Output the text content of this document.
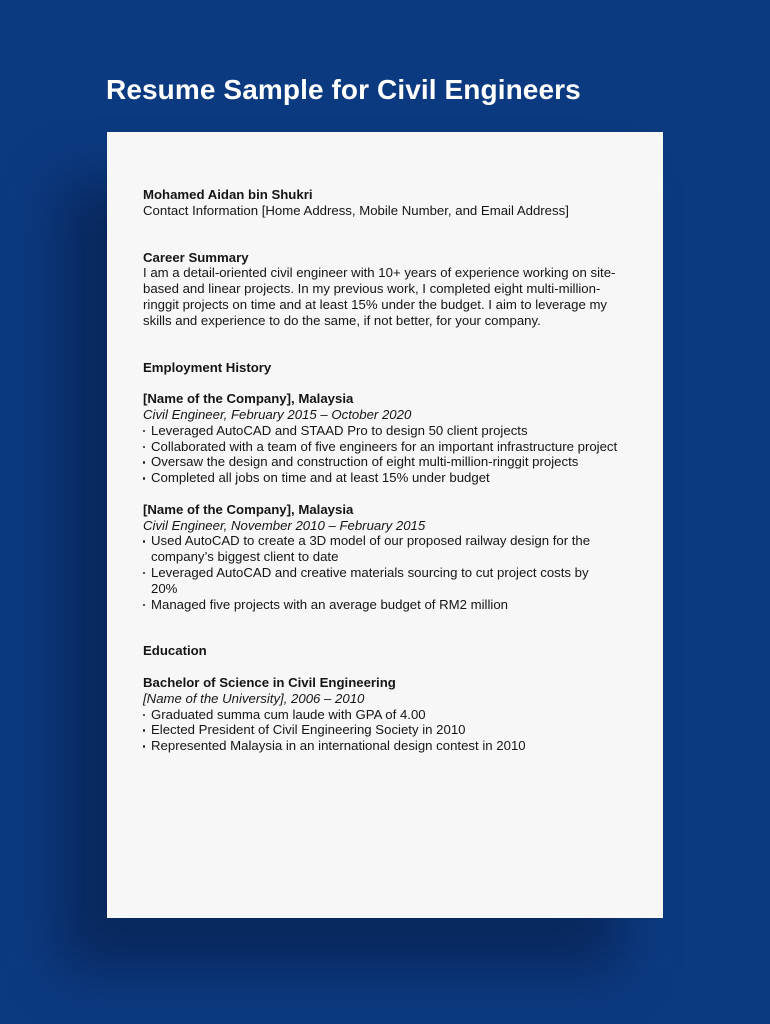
Resume Sample for Civil Engineers
Mohamed Aidan bin Shukri
Contact Information [Home Address, Mobile Number, and Email Address]
Career Summary
I am a detail-oriented civil engineer with 10+ years of experience working on site-based and linear projects. In my previous work, I completed eight multi-million-ringgit projects on time and at least 15% under the budget. I aim to leverage my skills and experience to do the same, if not better, for your company.
Employment History
[Name of the Company], Malaysia
Civil Engineer, February 2015 – October 2020
Leveraged AutoCAD and STAAD Pro to design 50 client projects
Collaborated with a team of five engineers for an important infrastructure project
Oversaw the design and construction of eight multi-million-ringgit projects
Completed all jobs on time and at least 15% under budget
[Name of the Company], Malaysia
Civil Engineer, November 2010 – February 2015
Used AutoCAD to create a 3D model of our proposed railway design for the company’s biggest client to date
Leveraged AutoCAD and creative materials sourcing to cut project costs by 20%
Managed five projects with an average budget of RM2 million
Education
Bachelor of Science in Civil Engineering
[Name of the University], 2006 – 2010
Graduated summa cum laude with GPA of 4.00
Elected President of Civil Engineering Society in 2010
Represented Malaysia in an international design contest in 2010
